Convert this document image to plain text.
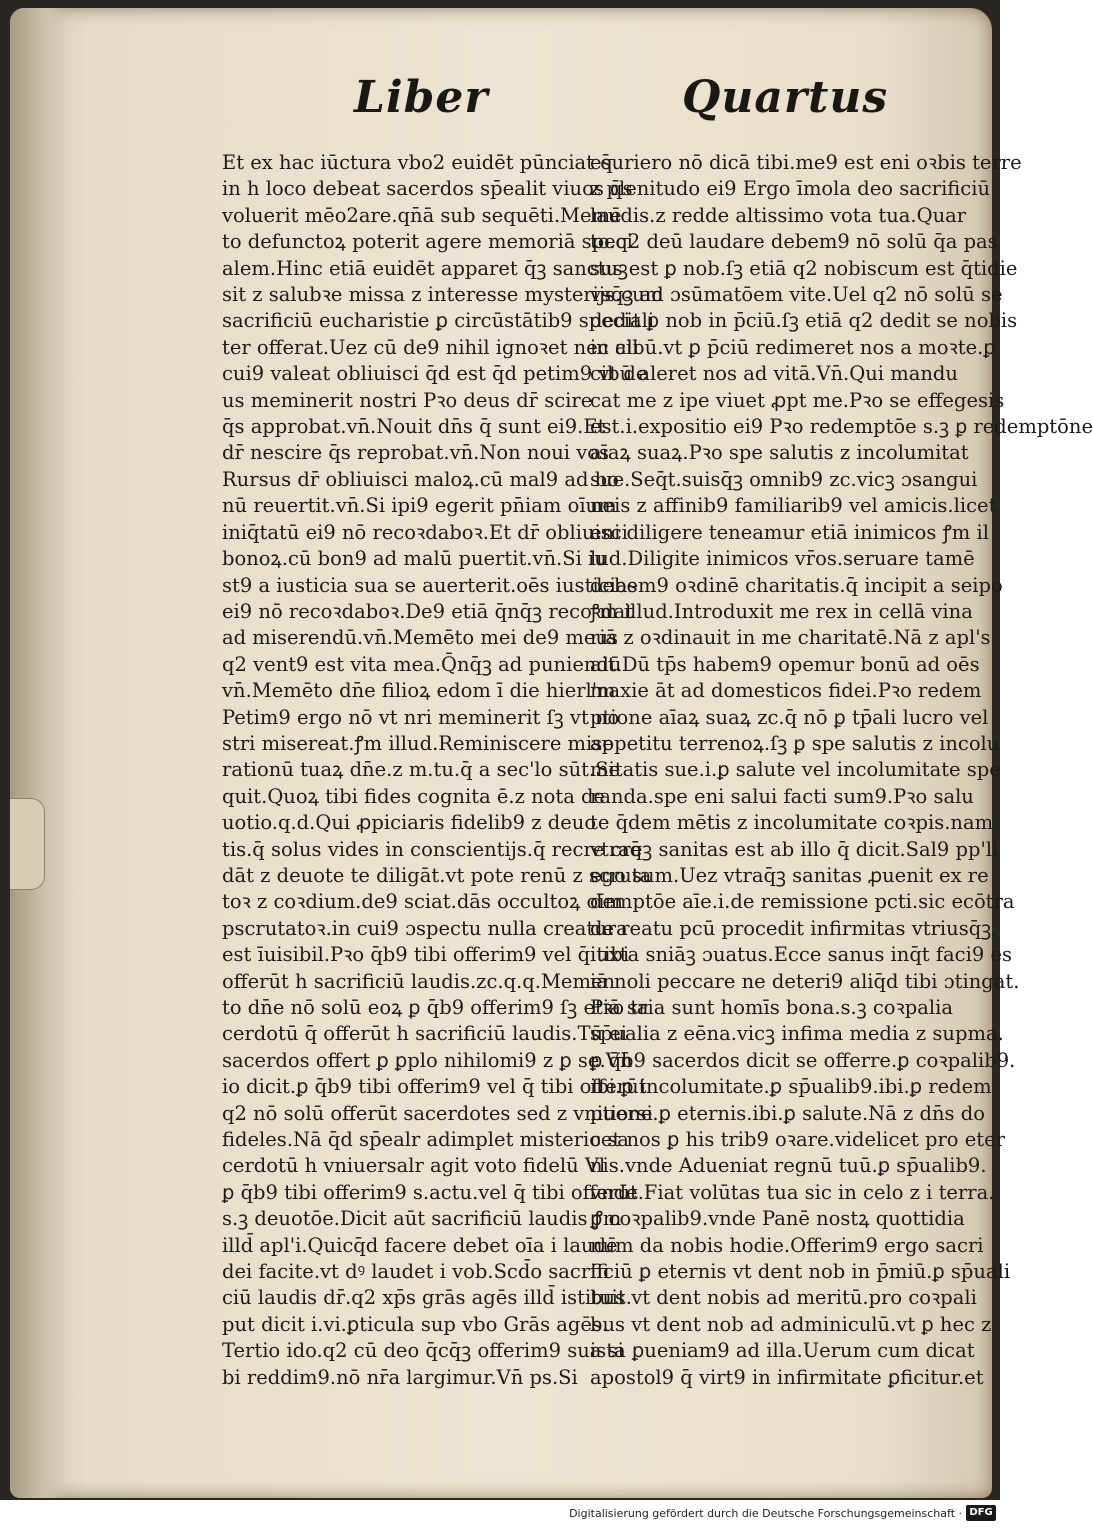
Liber	Quartus
Et ex hac iūctura vbo2 euidēt pūnciat q̄
in h loco debeat sacerdos sp̄ealit viuos q̄s
voluerit mēo2are.qn̄ā sub sequēti.Memē
to defunctoꝝ poterit agere memoriā speci
alem.Hinc etiā euidēt apparet q̄ꝫ sanctuꝫ
sit z salubꝛe missa z interesse mysterijs.cum
sacrificiū eucharistie ꝑ circūstātib9 speciali
ter offerat.Uez cū de9 nihil ignoꝛet nec ali
cui9 valeat obliuisci q̄d est q̄d petim9 vt de
us meminerit nostri Pꝛo deus dr̄ scire
q̄s approbat.vn̄.Nouit dn̄s q̄ sunt ei9.Et
dr̄ nescire q̄s reprobat.vn̄.Non noui vos
Rursus dr̄ obliuisci maloꝝ.cū mal9 ad bo
nū reuertit.vn̄.Si ipi9 egerit pn̄iam oīum
iniq̄tatū ei9 nō recoꝛdaboꝛ.Et dr̄ obliuisci
bonoꝝ.cū bon9 ad malū puertit.vn̄.Si iu
st9 a iusticia sua se auerterit.oēs iusticias
ei9 nō recoꝛdaboꝛ.De9 etiā q̄nq̄ꝫ recoꝛdat
ad miserendū.vn̄.Memēto mei de9 meus
q2 vent9 est vita mea.Q̄nq̄ꝫ ad puniendū
vn̄.Memēto dn̄e filioꝝ edom ī die hierl'm
Petim9 ergo nō vt nri meminerit ſꝫ vt no
stri misereat.ꝭm illud.Reminiscere mise
rationū tuaꝝ dn̄e.z m.tu.q̄ a sec'lo sūt.Se
quit.Quoꝝ tibi fides cognita ē.z nota de
uotio.q.d.Qui ꝓpiciaris fidelib9 z deuo
tis.q̄ solus vides in conscientijs.q̄ recre cre
dāt z deuote te diligāt.vt pote renū z scruta
toꝛ z coꝛdium.de9 sciat.dās occultoꝝ oīm
pscrutatoꝛ.in cui9 ɔspectu nulla creatura
est īuisibil.Pꝛo q̄b9 tibi offerim9 vel q̄ tibi
offerūt h sacrificiū laudis.zc.q.q.Memen
to dn̄e nō solū eoꝝ ꝑ q̄b9 offerim9 ſꝫ etiā sa
cerdotū q̄ offerūt h sacrificiū laudis.Tū ei
sacerdos offert ꝑ ꝑplo nihilomi9 z ꝑ se.Vn̄
io dicit.ꝑ q̄b9 tibi offerim9 vel q̄ tibi offerūt
q2 nō solū offerūt sacerdotes sed z vniuersi
fideles.Nā q̄d sp̄ealr adimplet misterio sa
cerdotū h vniuersalr agit voto fidelū Vl
ꝑ q̄b9 tibi offerim9 s.actu.vel q̄ tibi offerūt.
s.ꝫ deuotōe.Dicit aūt sacrificiū laudis ꝭm
illd̄ apl'i.Quicq̄d facere debet oīa i laudē
dei facite.vt dꝰ laudet i vob.Scd̄o sacrifi
ciū laudis dr̄.q2 xp̄s grās agēs illd̄ istituit.
put dicit i.vi.ꝑticula sup vbo Grās agēs.
Tertio ido.q2 cū deo q̄cq̄ꝫ offerim9 sua si
bi reddim9.nō nr̄a largimur.Vn̄ ps.Si
esuriero nō dicā tibi.me9 est eni oꝛbis terre
z plenitudo ei9 Ergo īmola deo sacrificiū
laudis.z redde altissimo vota tua.Quar
to.q2 deū laudare debem9 nō solū q̄a pas
sus est ꝑ nob.ſꝫ etiā q2 nobiscum est q̄tidie
vsq̄ꝫ ad ɔsūmatōem vite.Uel q2 nō solū se
dedit ꝑ nob in p̄ciū.ſꝫ etiā q2 dedit se nobis
in cibū.vt ꝑ p̄ciū redimeret nos a moꝛte.ꝑ
cibū aleret nos ad vitā.Vn̄.Qui mandu
cat me z ipe viuet ꝓpt me.Pꝛo se effegesis
est.i.expositio ei9 Pꝛo redemptōe s.ꝫ ꝑ redemptōne
aīaꝝ suaꝝ.Pꝛo spe salutis z incolumitat
sue.Seq̄t.suisq̄ꝫ omnib9 zc.vicꝫ ɔsangui
neis z affinib9 familiarib9 vel amicis.licet
eni diligere teneamur etiā inimicos ꝭm il
lud.Diligite inimicos vr̄os.seruare tamē
debem9 oꝛdinē charitatis.q̄ incipit a seipo
ꝭm illud.Introduxit me rex in cellā vina
riā z oꝛdinauit in me charitatē.Nā z apl's
ait.Dū tp̄s habem9 opemur bonū ad oēs
maxie āt ad domesticos fidei.Pꝛo redem
ptione aīaꝝ suaꝝ zc.q̄ nō ꝑ tp̄ali lucro vel
appetitu terrenoꝝ.ſꝫ ꝑ spe salutis z incolu
mitatis sue.i.ꝑ salute vel incolumitate spe
randa.spe eni salui facti sum9.Pꝛo salu
te q̄dem mētis z incolumitate coꝛpis.nam
vtraq̄ꝫ sanitas est ab illo q̄ dicit.Sal9 pp'li
ego sum.Uez vtraq̄ꝫ sanitas ꝓuenit ex re
demptōe aīe.i.de remissione pcti.sic ecōtra
de reatu pcū procedit infirmitas vtriusq̄ꝫ.
iuxta sniāꝫ ɔuatus.Ecce sanus inq̄t faci9 es
iā noli peccare ne deteri9 aliq̄d tibi ɔtingat.
Pꝛo tria sunt homīs bona.s.ꝫ coꝛpalia
sp̄ualia z eēna.vicꝫ infima media z supma.
ꝑ q̄b9 sacerdos dicit se offerre.ꝑ coꝛpalib9.
ibi.ꝑ incolumitate.ꝑ sp̄ualib9.ibi.ꝑ redem
ptione.ꝑ eternis.ibi.ꝑ salute.Nā z dn̄s do
cet nos ꝑ his trib9 oꝛare.videlicet pro eter
nis.vnde Adueniat regnū tuū.ꝑ sp̄ualib9.
vnde Fiat volūtas tua sic in celo z i terra.
ꝑ coꝛpalib9.vnde Panē nostꝝ quottidia
num da nobis hodie.Offerim9 ergo sacri
ficiū ꝑ eternis vt dent nob in p̄miū.ꝑ sp̄uali
bus vt dent nobis ad meritū.pro coꝛpali
bus vt dent nob ad adminiculū.vt ꝑ hec z
ista ꝑueniam9 ad illa.Uerum cum dicat
apostol9 q̄ virt9 in infirmitate ꝑficitur.et
Digitalisierung gefördert durch die Deutsche Forschungsgemeinschaft · DFG
